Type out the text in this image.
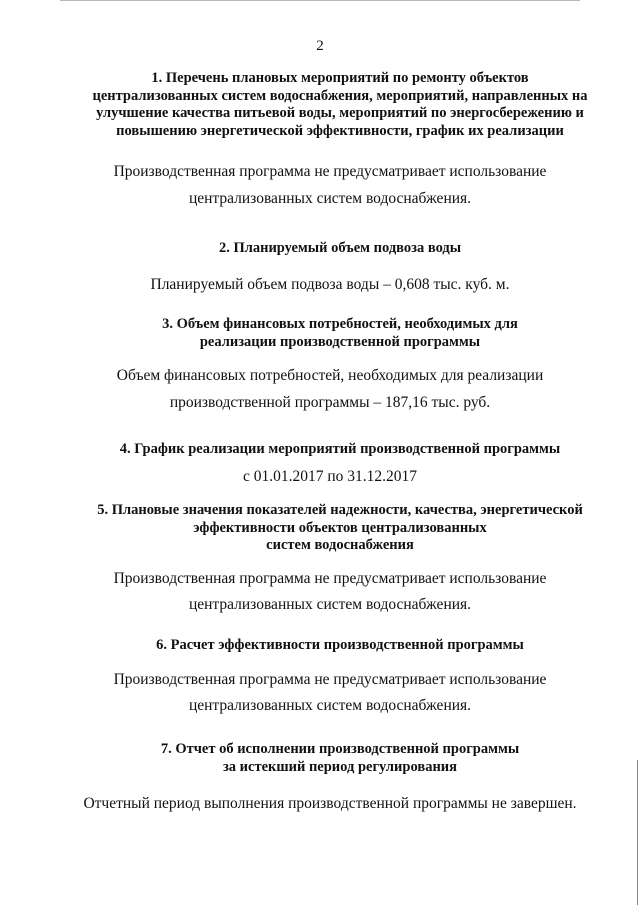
2
1. Перечень плановых мероприятий по ремонту объектов
централизованных систем водоснабжения, мероприятий, направленных на
улучшение качества питьевой воды, мероприятий по энергосбережению и
повышению энергетической эффективности, график их реализации

Производственная программа не предусматривает использование

централизованных систем водоснабжения.

2. Планируемый объем подвоза воды

Планируемый объем подвоза воды – 0,608 тыс. куб. м.

3. Объем финансовых потребностей, необходимых для
реализации производственной программы

Объем финансовых потребностей, необходимых для реализации

производственной программы – 187,16 тыс. руб.

4. График реализации мероприятий производственной программы

с 01.01.2017 по 31.12.2017

5. Плановые значения показателей надежности, качества, энергетической
эффективности объектов централизованных
систем водоснабжения

Производственная программа не предусматривает использование

централизованных систем водоснабжения.

6. Расчет эффективности производственной программы

Производственная программа не предусматривает использование

централизованных систем водоснабжения.

7. Отчет об исполнении производственной программы
за истекший период регулирования

Отчетный период выполнения производственной программы не завершен.
